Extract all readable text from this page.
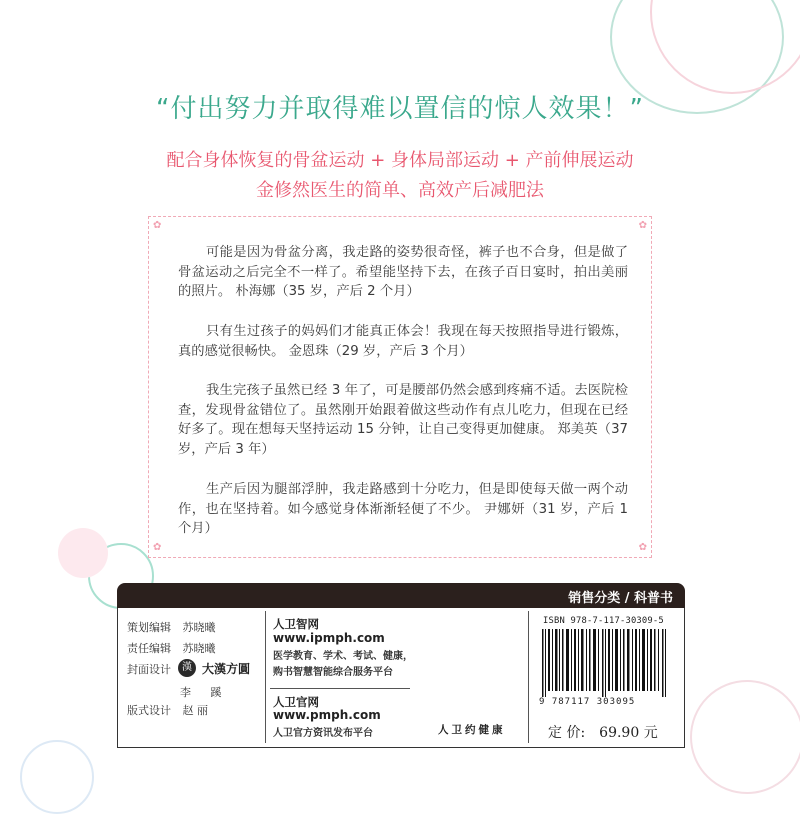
“付出努力并取得难以置信的惊人效果！”
配合身体恢复的骨盆运动 + 身体局部运动 + 产前伸展运动
金修然医生的简单、高效产后减肥法
✿	✿
✿	✿

可能是因为骨盆分离，我走路的姿势很奇怪，裤子也不合身，但是做了骨盆运动之后完全不一样了。希望能坚持下去，在孩子百日宴时，拍出美丽的照片。 朴海娜（35 岁，产后 2 个月）

只有生过孩子的妈妈们才能真正体会！我现在每天按照指导进行锻炼，真的感觉很畅快。 金恩珠（29 岁，产后 3 个月）

我生完孩子虽然已经 3 年了，可是腰部仍然会感到疼痛不适。去医院检查，发现骨盆错位了。虽然刚开始跟着做这些动作有点儿吃力，但现在已经好多了。现在想每天坚持运动 15 分钟，让自己变得更加健康。 郑美英（37 岁，产后 3 年）

生产后因为腿部浮肿，我走路感到十分吃力，但是即使每天做一两个动作，也在坚持着。如今感觉身体渐渐轻便了不少。 尹娜妍（31 岁，产后 1 个月）

销售分类 / 科普书
策划编辑 苏晓曦
责任编辑 苏晓曦
封面设计	漢 大漢方圓
李 蹊
版式设计 赵 丽
人卫智网
www.ipmph.com
医学教育、学术、考试、健康，
购书智慧智能综合服务平台
人卫官网
www.pmph.com
人卫官方资讯发布平台	人卫约健康
ISBN 978-7-117-30309-5
9 787117 303095
定 价: 69.90 元
